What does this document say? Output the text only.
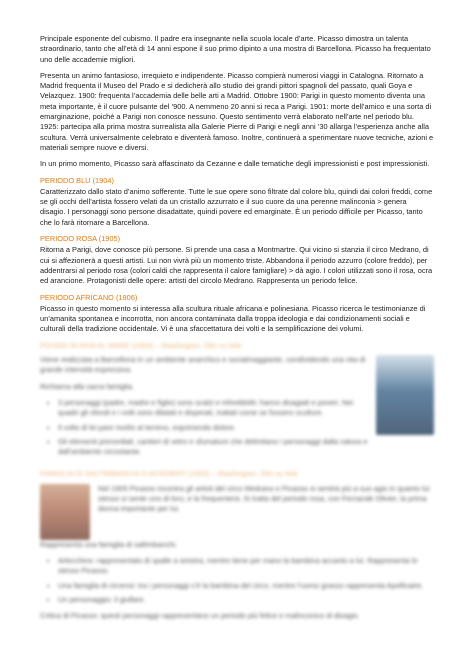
Principale esponente del cubismo. Il padre era insegnante nella scuola locale d’arte. Picasso dimostra un talenta straordinario, tanto che all’età di 14 anni espone il suo primo dipinto a una mostra di Barcellona. Picasso ha frequentato uno delle accademie migliori.

Presenta un animo fantasioso, irrequieto e indipendente. Picasso compierà numerosi viaggi in Catalogna. Ritornato a Madrid frequenta il Museo del Prado e si dedicherà allo studio dei grandi pittori spagnoli del passato, quali Goya e Velazquez. 1900: frequenta l’accademia delle belle arti a Madrid. Ottobre 1900: Parigi in questo momento diventa una meta importante, è il cuore pulsante del ’900. A nemmeno 20 anni si reca a Parigi. 1901: morte dell’amico e una sorta di emarginazione, poiché a Parigi non conosce nessuno. Questo sentimento verrà elaborato nell’arte nel periodo blu. 1925: partecipa alla prima mostra surrealista alla Galerie Pierre di Parigi e negli anni ’30 allarga l’esperienza anche alla scultura. Verrà universalmente celebrato e diventerà famoso. Inoltre, continuerà a sperimentare nuove tecniche, azioni e materiali sempre nuove e diversi.

In un primo momento, Picasso sarà affascinato da Cezanne e dalle tematiche degli impressionisti e post impressionisti.

PERIODO BLU (1904)

Caratterizzato dallo stato d’animo sofferente. Tutte le sue opere sono filtrate dal colore blu, quindi dai colori freddi, come se gli occhi dell’artista fossero velati da un cristallo azzurrato e il suo cuore da una perenne malinconia > genera disagio. I personaggi sono persone disadattate, quindi povere ed emarginate. È un periodo difficile per Picasso, tanto che lo farà ritornare a Barcellona.

PERIODO ROSA (1905)

Ritorna a Parigi, dove conosce più persone. Si prende una casa a Montmartre. Qui vicino si stanzia il circo Medrano, di cui si affezionerà a questi artisti. Lui non vivrà più un momento triste. Abbandona il periodo azzurro (colore freddo), per addentrarsi al periodo rosa (colori caldi che rappresenta il calore famigliare) > dà agio. I colori utilizzati sono il rosa, ocra ed arancione. Protagonisti delle opere: artisti del circolo Medrano. Rappresenta un periodo felice.

PERIODO AFRICANO (1906)

Picasso in questo momento si interessa alla scultura rituale africana e polinesiana. Picasso ricerca le testimonianze di un’amanita spontanea e incorrotta, non ancora contaminata dalla troppa ideologia e dai condizionamenti sociali e culturali della tradizione occidentale. Vi è una sfaccettatura dei volti e la semplificazione dei volumi.

POVERI IN RIVA AL MARE (1903) – Washington. Olio su tela

Viene realizzata a Barcellona in un ambiente anarchico e socialmaggiante, condividendo una vita di grande intensità espressiva.

Richiama alla sacra famiglia.

• 3 personaggi (padre, madre e figlio) sono scalzi e infreddoliti: hanno disagiati e poveri. Nei quadri gli sfondi e i volti sono dilatati e disperati, trattati come se fossero sculture.
• Il volto di lei pare rivolto al terreno, esprimendo dolore.
• Gli elementi primordiali, cantieri di vetro e sfumature che delimitano i personaggi dalla natura e dall’ambiente circostante.
FAMIGLIA DI SALTIMBANCHI O ACROBATI (1905) – Washington. Olio su tela

Nel 1905 Picasso incontra gli artisti del circo Medrano e Picasso si sentirà più a suo agio in quanto lui stesso si sente uno di loro, e la frequenterà. Si tratta del periodo rosa, con Fernande Olivier, la prima donna importante per lui.

Rappresenta una famiglia di saltimbanchi.

• Arlecchino: rappresentato di spalle a sinistra, mentre tiene per mano la bambina accanto a lui. Rappresenta lo stesso Picasso.
• Una famiglia di circensi: tra i personaggi c’è la bambina del circo, mentre l’uomo grasso rappresenta Apollinaire.
• Un personaggio: il giullare.

Critica di Picasso: questi personaggi rappresentano un periodo più felice e malinconico di disagio.
